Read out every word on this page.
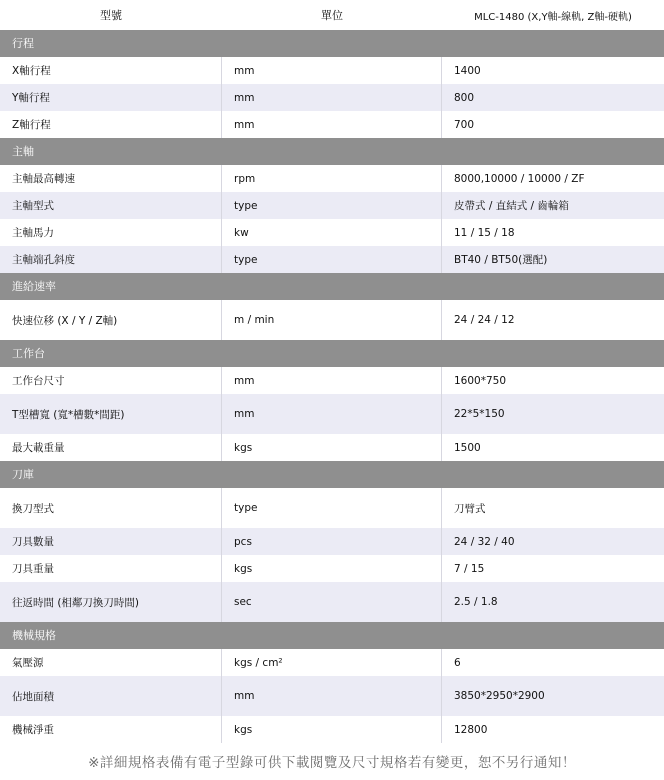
型號	單位	MLC-1480 (X,Y軸-線軌, Z軸-硬軌)
行程
X軸行程	mm	1400
Y軸行程	mm	800
Z軸行程	mm	700
主軸
主軸最高轉速	rpm	8000,10000 / 10000 / ZF
主軸型式	type	皮帶式 / 直結式 / 齒輪箱
主軸馬力	kw	11 / 15 / 18
主軸端孔斜度	type	BT40 / BT50(選配)
進給速率
快速位移 (X / Y / Z軸)	m / min	24 / 24 / 12
工作台
工作台尺寸	mm	1600*750
T型槽寬 (寬*槽數*間距)	mm	22*5*150
最大載重量	kgs	1500
刀庫
換刀型式	type	刀臂式
刀具數量	pcs	24 / 32 / 40
刀具重量	kgs	7 / 15
往返時間 (相鄰刀換刀時間)	sec	2.5 / 1.8
機械規格
氣壓源	kgs / cm²	6
佔地面積	mm	3850*2950*2900
機械淨重	kgs	12800
※詳細規格表備有電子型錄可供下載閱覽及尺寸規格若有變更，恕不另行通知！
